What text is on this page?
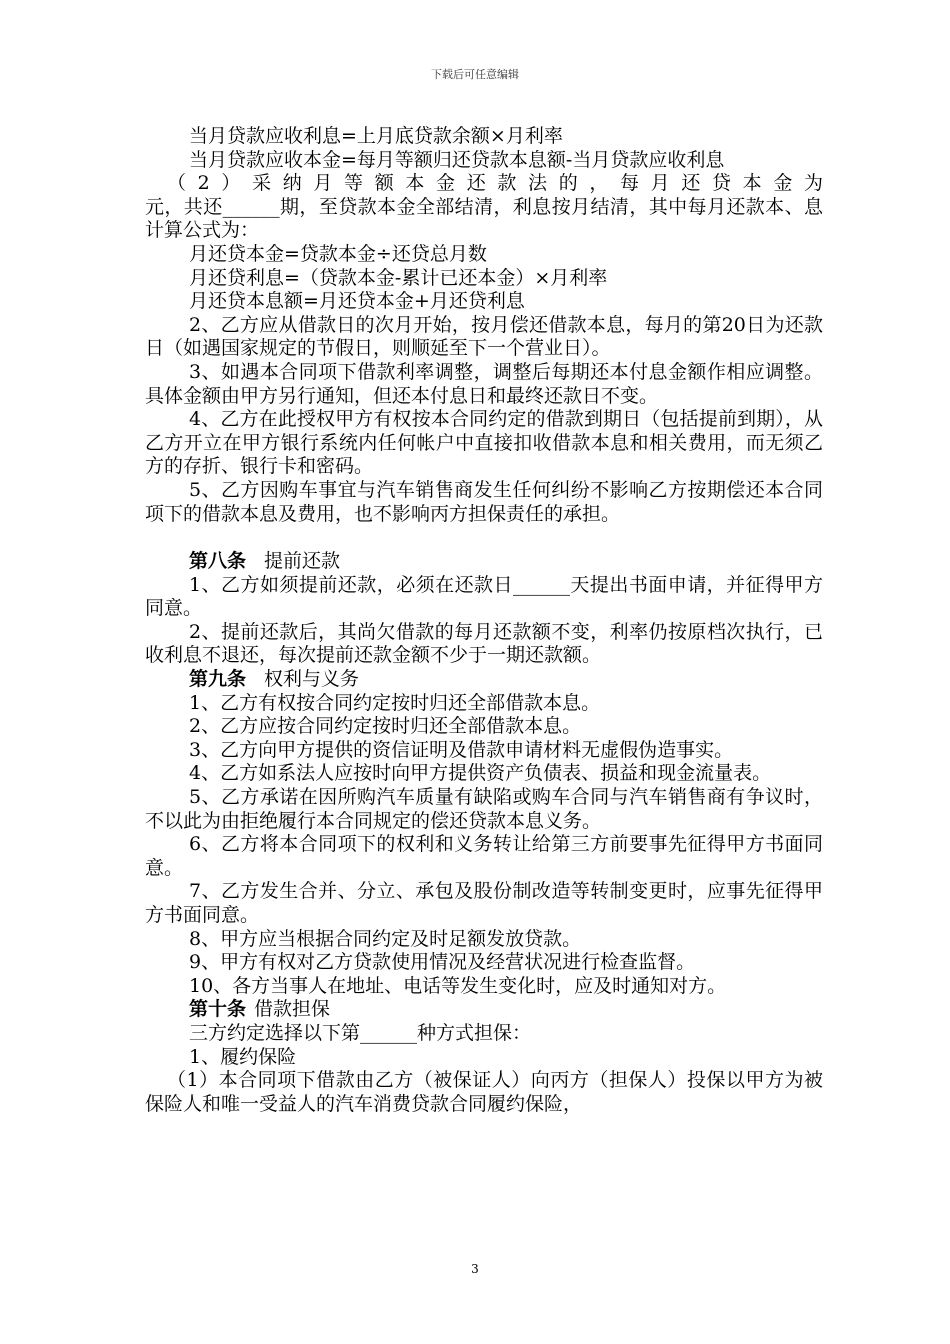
下载后可任意编辑

当月贷款应收利息=上月底贷款余额×月利率

当月贷款应收本金=每月等额归还贷款本息额-当月贷款应收利息

（2）采纳月等额本金还款法的，每月还贷本金为

元，共还______期，至贷款本金全部结清，利息按月结清，其中每月还款本、息计算公式为：

月还贷本金=贷款本金÷还贷总月数

月还贷利息=（贷款本金-累计已还本金）×月利率

月还贷本息额=月还贷本金+月还贷利息

2、乙方应从借款日的次月开始，按月偿还借款本息，每月的第20日为还款日（如遇国家规定的节假日，则顺延至下一个营业日）。

3、如遇本合同项下借款利率调整，调整后每期还本付息金额作相应调整。具体金额由甲方另行通知，但还本付息日和最终还款日不变。

4、乙方在此授权甲方有权按本合同约定的借款到期日（包括提前到期），从乙方开立在甲方银行系统内任何帐户中直接扣收借款本息和相关费用，而无须乙方的存折、银行卡和密码。

5、乙方因购车事宜与汽车销售商发生任何纠纷不影响乙方按期偿还本合同项下的借款本息及费用，也不影响丙方担保责任的承担。

第八条 提前还款

1、乙方如须提前还款，必须在还款日______天提出书面申请，并征得甲方同意。

2、提前还款后，其尚欠借款的每月还款额不变，利率仍按原档次执行，已收利息不退还，每次提前还款金额不少于一期还款额。

第九条 权利与义务

1、乙方有权按合同约定按时归还全部借款本息。

2、乙方应按合同约定按时归还全部借款本息。

3、乙方向甲方提供的资信证明及借款申请材料无虚假伪造事实。

4、乙方如系法人应按时向甲方提供资产负债表、损益和现金流量表。

5、乙方承诺在因所购汽车质量有缺陷或购车合同与汽车销售商有争议时，不以此为由拒绝履行本合同规定的偿还贷款本息义务。

6、乙方将本合同项下的权利和义务转让给第三方前要事先征得甲方书面同意。

7、乙方发生合并、分立、承包及股份制改造等转制变更时，应事先征得甲方书面同意。

8、甲方应当根据合同约定及时足额发放贷款。

9、甲方有权对乙方贷款使用情况及经营状况进行检查监督。

10、各方当事人在地址、电话等发生变化时，应及时通知对方。

第十条 借款担保

三方约定选择以下第______种方式担保：

1、履约保险

（1）本合同项下借款由乙方（被保证人）向丙方（担保人）投保以甲方为被保险人和唯一受益人的汽车消费贷款合同履约保险，

3
